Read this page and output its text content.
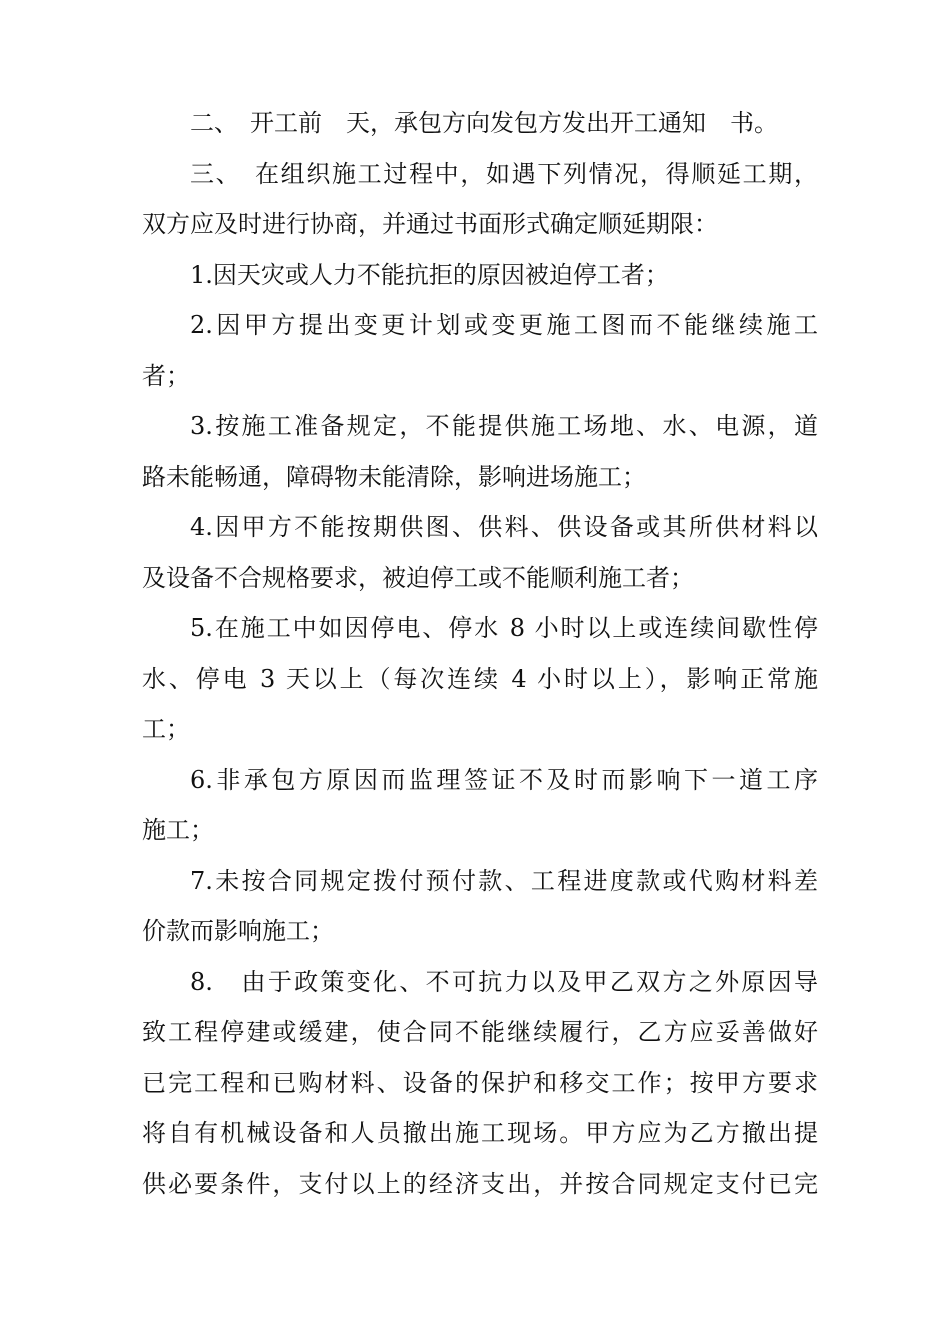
二、　开工前　天，承包方向发包方发出开工通知　书。
三、　在组织施工过程中，如遇下列情况，得顺延工期，
双方应及时进行协商，并通过书面形式确定顺延期限：
1.因天灾或人力不能抗拒的原因被迫停工者；
2.因甲方提出变更计划或变更施工图而不能继续施工
者；
3.按施工准备规定，不能提供施工场地、水、电源，道
路未能畅通，障碍物未能清除，影响进场施工；
4.因甲方不能按期供图、供料、供设备或其所供材料以
及设备不合规格要求，被迫停工或不能顺利施工者；
5.在施工中如因停电、停水 8 小时以上或连续间歇性停
水、停电 3 天以上（每次连续 4 小时以上），影响正常施
工；
6.非承包方原因而监理签证不及时而影响下一道工序
施工；
7.未按合同规定拨付预付款、工程进度款或代购材料差
价款而影响施工；
8.　由于政策变化、不可抗力以及甲乙双方之外原因导
致工程停建或缓建，使合同不能继续履行，乙方应妥善做好
已完工程和已购材料、设备的保护和移交工作；按甲方要求
将自有机械设备和人员撤出施工现场。甲方应为乙方撤出提
供必要条件，支付以上的经济支出，并按合同规定支付已完
